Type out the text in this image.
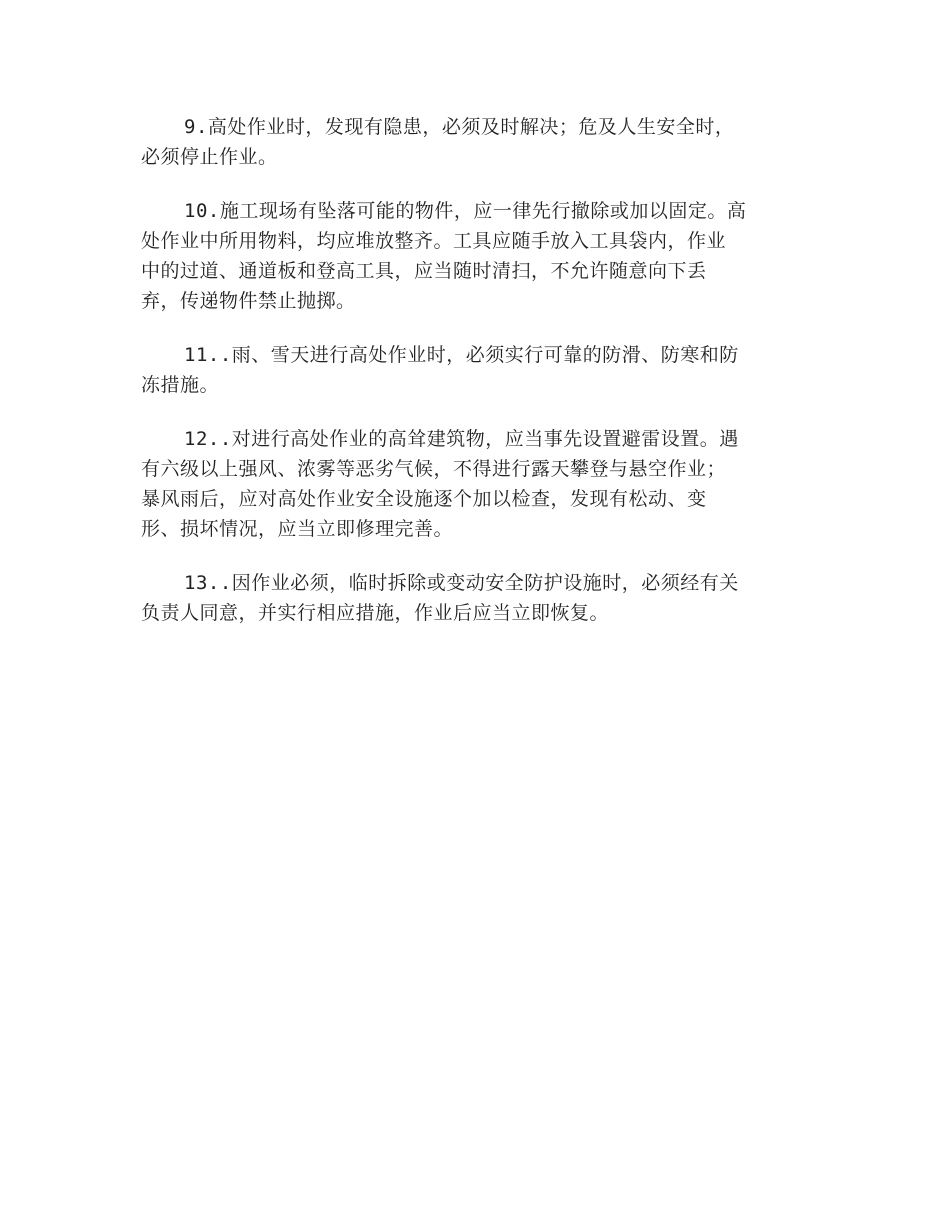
9.高处作业时，发现有隐患，必须及时解决；危及人生安全时，
必须停止作业。
10.施工现场有坠落可能的物件，应一律先行撤除或加以固定。高
处作业中所用物料，均应堆放整齐。工具应随手放入工具袋内，作业
中的过道、通道板和登高工具，应当随时清扫，不允许随意向下丢
弃，传递物件禁止抛掷。
11..雨、雪天进行高处作业时，必须实行可靠的防滑、防寒和防
冻措施。
12..对进行高处作业的高耸建筑物，应当事先设置避雷设置。遇
有六级以上强风、浓雾等恶劣气候，不得进行露天攀登与悬空作业；
暴风雨后，应对高处作业安全设施逐个加以检查，发现有松动、变
形、损坏情况，应当立即修理完善。
13..因作业必须，临时拆除或变动安全防护设施时，必须经有关
负责人同意，并实行相应措施，作业后应当立即恢复。
